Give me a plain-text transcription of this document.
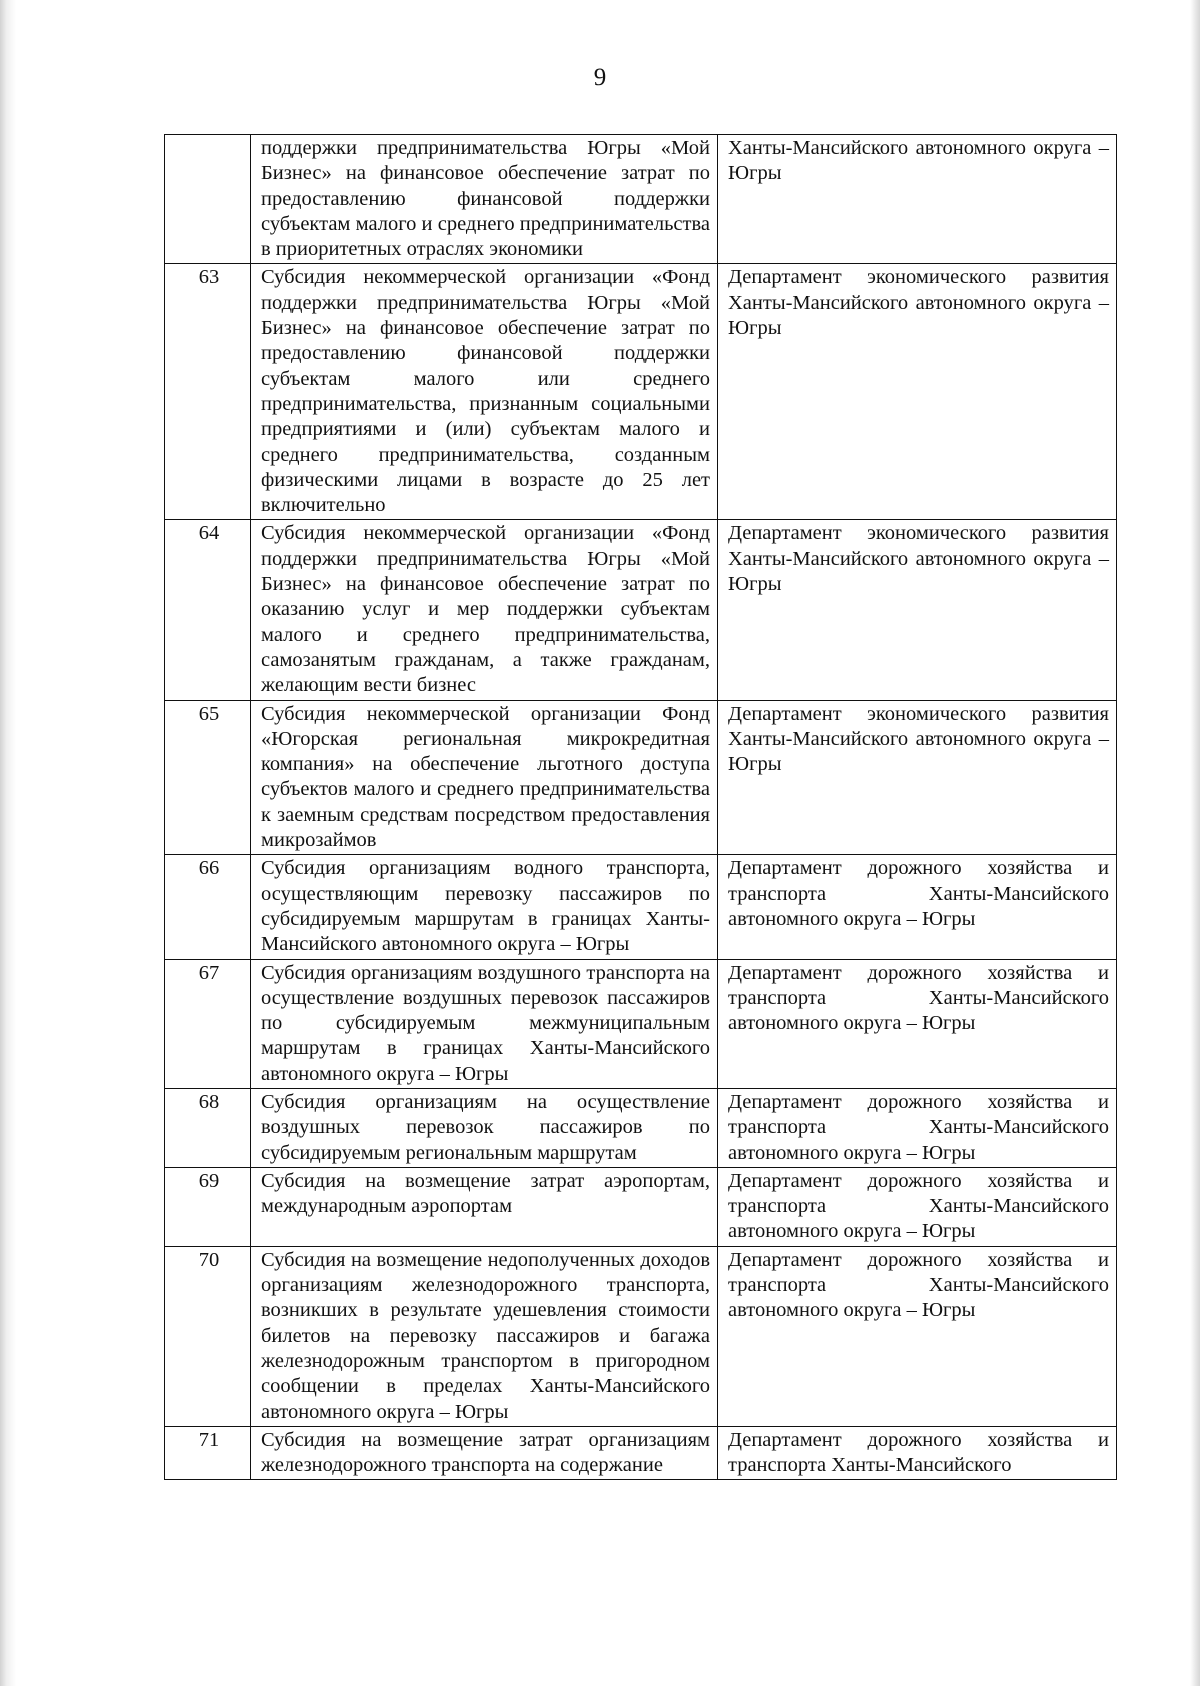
9
	поддержки предпринимательства Югры «Мой Бизнес» на финансовое обеспечение затрат по предоставлению финансовой поддержки субъектам малого и среднего предпринимательства в приоритетных отраслях экономики	Ханты-Мансийского автономного округа – Югры
63	Субсидия некоммерческой организации «Фонд поддержки предпринимательства Югры «Мой Бизнес» на финансовое обеспечение затрат по предоставлению финансовой поддержки субъектам малого или среднего предпринимательства, признанным социальными предприятиями и (или) субъектам малого и среднего предпринимательства, созданным физическими лицами в возрасте до 25 лет включительно	Департамент экономического развития Ханты-Мансийского автономного округа – Югры
64	Субсидия некоммерческой организации «Фонд поддержки предпринимательства Югры «Мой Бизнес» на финансовое обеспечение затрат по оказанию услуг и мер поддержки субъектам малого и среднего предпринимательства, самозанятым гражданам, а также гражданам, желающим вести бизнес	Департамент экономического развития Ханты-Мансийского автономного округа – Югры
65	Субсидия некоммерческой организации Фонд «Югорская региональная микрокредитная компания» на обеспечение льготного доступа субъектов малого и среднего предпринимательства к заемным средствам посредством предоставления микрозаймов	Департамент экономического развития Ханты-Мансийского автономного округа – Югры
66	Субсидия организациям водного транспорта, осуществляющим перевозку пассажиров по субсидируемым маршрутам в границах Ханты-Мансийского автономного округа – Югры	Департамент дорожного хозяйства и транспорта Ханты-Мансийского автономного округа – Югры
67	Субсидия организациям воздушного транспорта на осуществление воздушных перевозок пассажиров по субсидируемым межмуниципальным маршрутам в границах Ханты-Мансийского автономного округа – Югры	Департамент дорожного хозяйства и транспорта Ханты-Мансийского автономного округа – Югры
68	Субсидия организациям на осуществление воздушных перевозок пассажиров по субсидируемым региональным маршрутам	Департамент дорожного хозяйства и транспорта Ханты-Мансийского автономного округа – Югры
69	Субсидия на возмещение затрат аэропортам, международным аэропортам	Департамент дорожного хозяйства и транспорта Ханты-Мансийского автономного округа – Югры
70	Субсидия на возмещение недополученных доходов организациям железнодорожного транспорта, возникших в результате удешевления стоимости билетов на перевозку пассажиров и багажа железнодорожным транспортом в пригородном сообщении в пределах Ханты-Мансийского автономного округа – Югры	Департамент дорожного хозяйства и транспорта Ханты-Мансийского автономного округа – Югры
71	Субсидия на возмещение затрат организациям железнодорожного транспорта на содержание	Департамент дорожного хозяйства и транспорта Ханты-Мансийского
